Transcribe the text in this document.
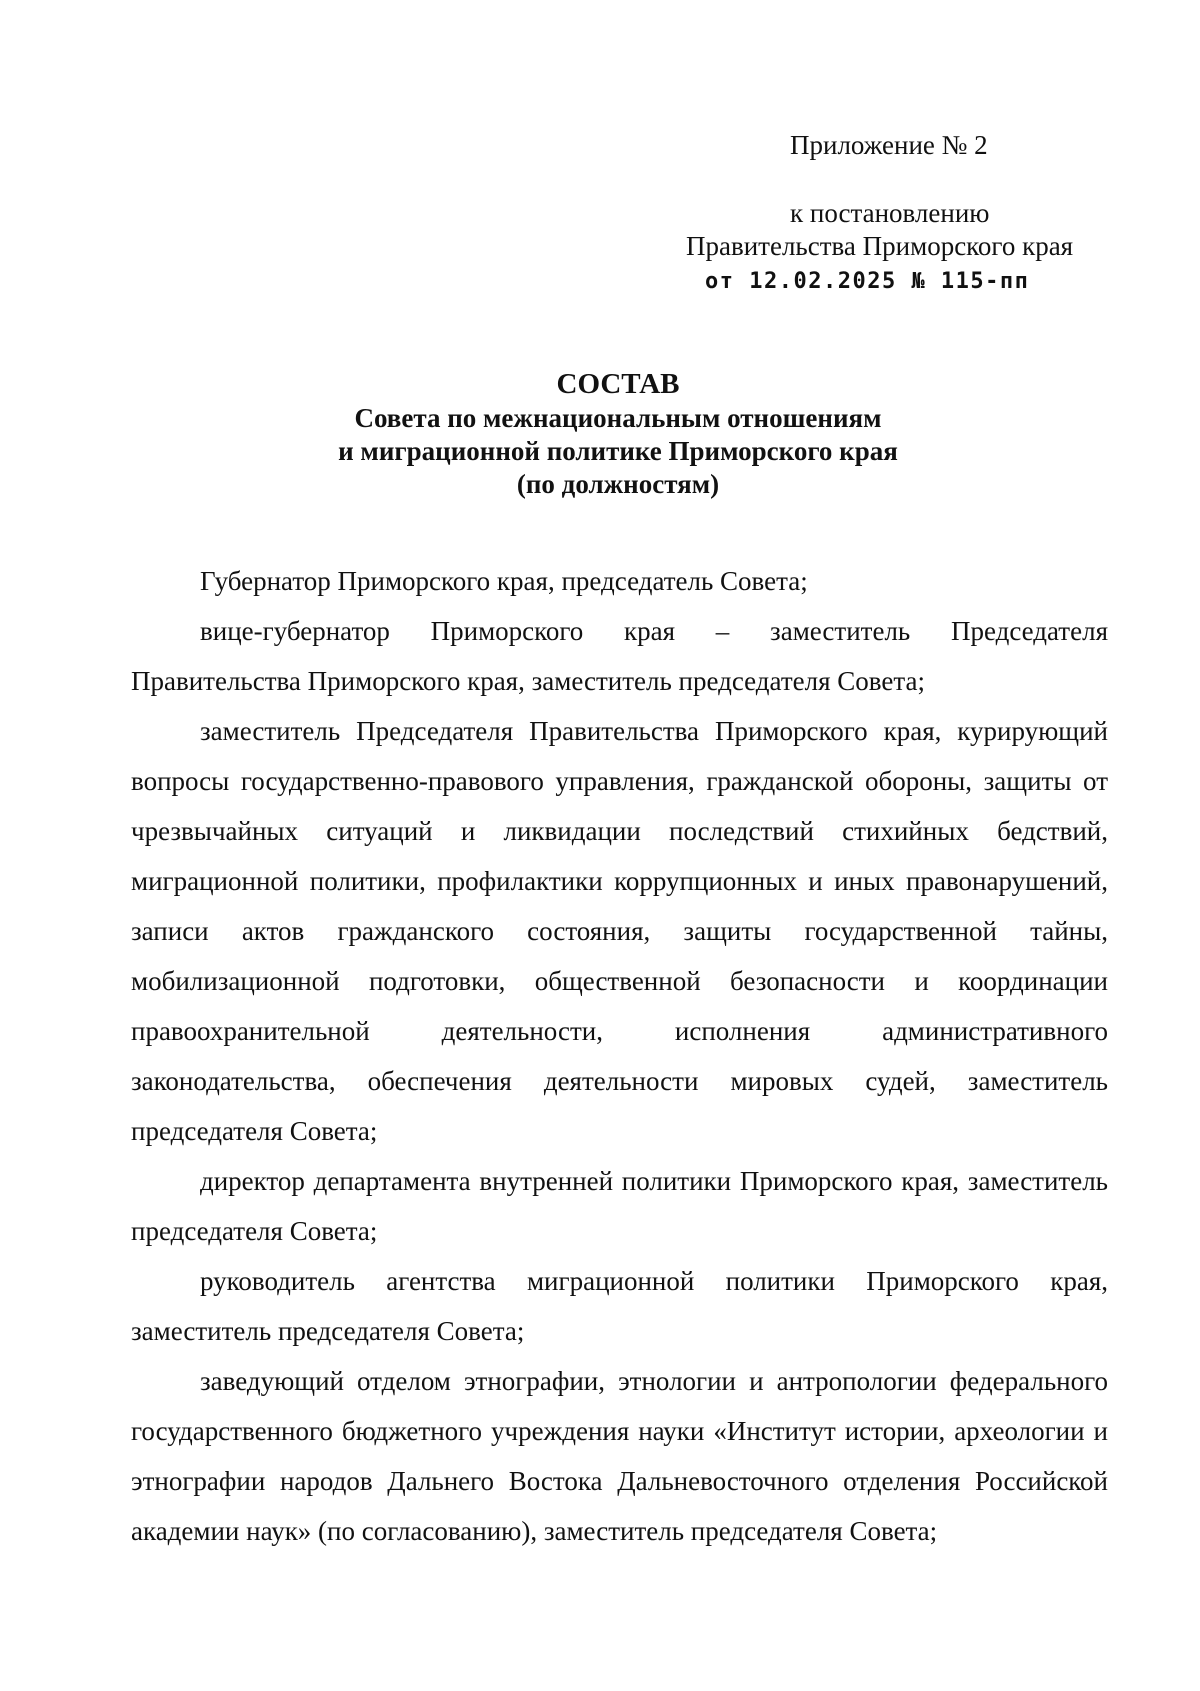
Приложение № 2
к постановлению
Правительства Приморского края
от 12.02.2025 № 115-пп
СОСТАВ
Совета по межнациональным отношениям
и миграционной политике Приморского края
(по должностям)

Губернатор Приморского края, председатель Совета;

вице-губернатор Приморского края – заместитель Председателя Правительства Приморского края, заместитель председателя Совета;

заместитель Председателя Правительства Приморского края, курирующий вопросы государственно-правового управления, гражданской обороны, защиты от чрезвычайных ситуаций и ликвидации последствий стихийных бедствий, миграционной политики, профилактики коррупционных и иных правонарушений, записи актов гражданского состояния, защиты государственной тайны, мобилизационной подготовки, общественной безопасности и координации правоохранительной деятельности, исполнения административного законодательства, обеспечения деятельности мировых судей, заместитель председателя Совета;

директор департамента внутренней политики Приморского края, заместитель председателя Совета;

руководитель агентства миграционной политики Приморского края, заместитель председателя Совета;

заведующий отделом этнографии, этнологии и антропологии федерального государственного бюджетного учреждения науки «Институт истории, археологии и этнографии народов Дальнего Востока Дальневосточного отделения Российской академии наук» (по согласованию), заместитель председателя Совета;
